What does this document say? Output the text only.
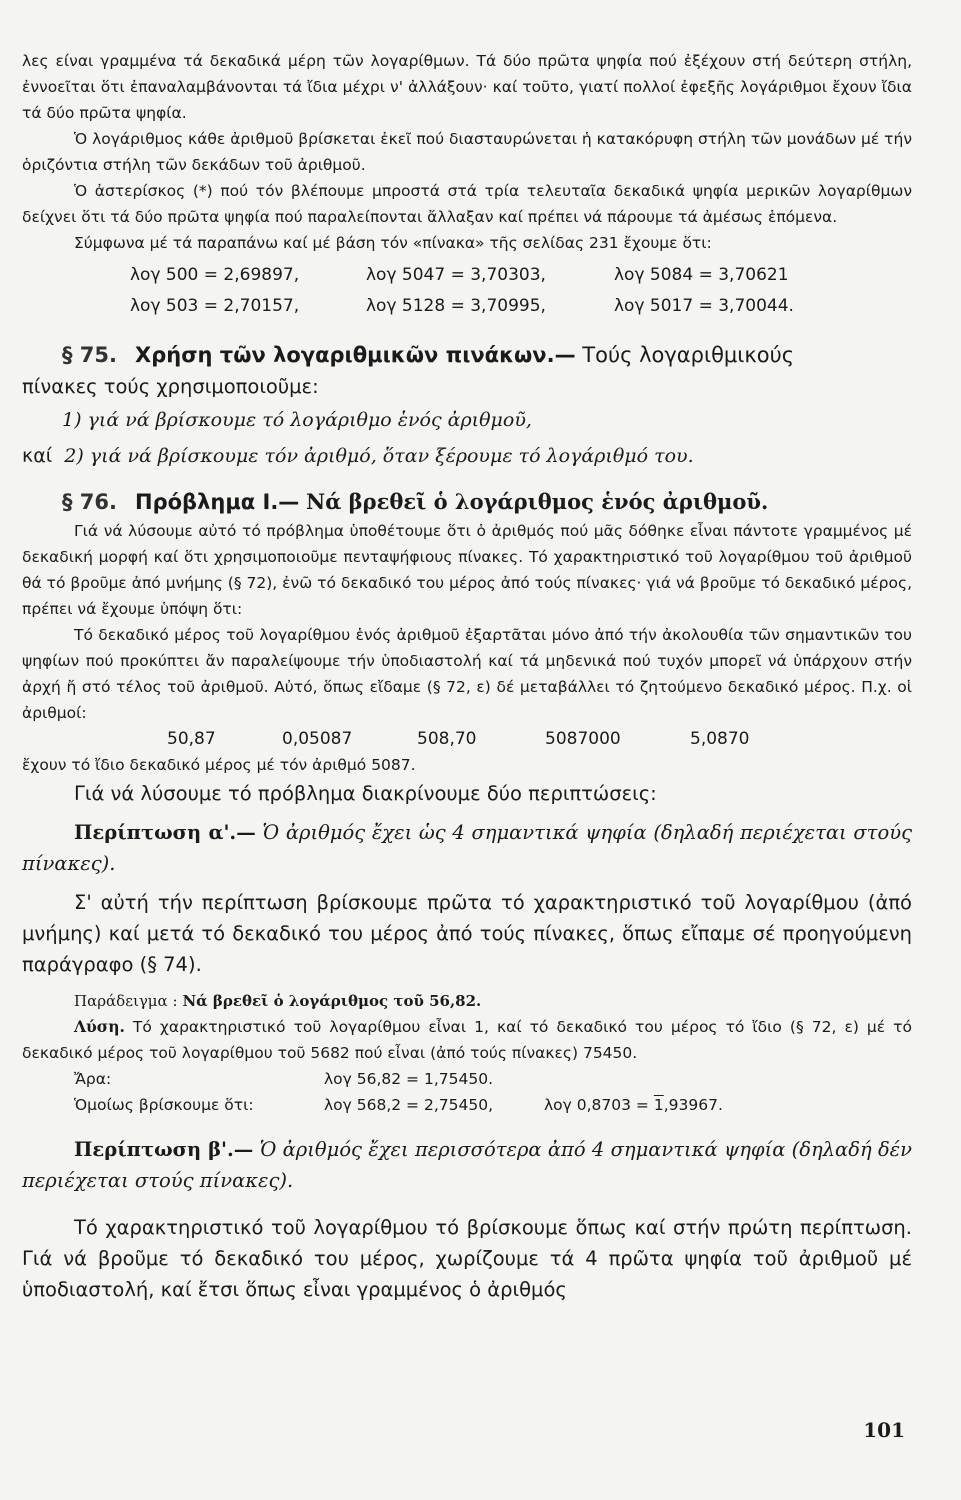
λες είναι γραμμένα τά δεκαδικά μέρη τῶν λογαρίθμων. Τά δύο πρῶτα ψηφία πού ἐξέχουν στή δεύτερη στήλη, ἐννοεῖται ὅτι ἐπαναλαμβάνονται τά ἴδια μέχρι ν' ἀλλάξουν· καί τοῦτο, γιατί πολλοί ἐφεξῆς λογάριθμοι ἔχουν ἴδια τά δύο πρῶτα ψηφία.

Ὁ λογάριθμος κάθε ἀριθμοῦ βρίσκεται ἐκεῖ πού διασταυρώνεται ἡ κατακόρυφη στήλη τῶν μονάδων μέ τήν ὁριζόντια στήλη τῶν δεκάδων τοῦ ἀριθμοῦ.

Ὁ ἀστερίσκος (*) πού τόν βλέπουμε μπροστά στά τρία τελευταῖα δεκαδικά ψηφία μερικῶν λογαρίθμων δείχνει ὅτι τά δύο πρῶτα ψηφία πού παραλείπονται ἄλλαξαν καί πρέπει νά πάρουμε τά ἀμέσως ἑπόμενα.

Σύμφωνα μέ τά παραπάνω καί μέ βάση τόν «πίνακα» τῆς σελίδας 231 ἔχουμε ὅτι:

λογ 500 = 2,69897,	λογ 5047 = 3,70303,	λογ 5084 = 3,70621
λογ 503 = 2,70157,	λογ 5128 = 3,70995,	λογ 5017 = 3,70044.
§ 75. Χρήση τῶν λογαριθμικῶν πινάκων.— Τούς λογαριθμικούς

πίνακες τούς χρησιμοποιοῦμε:

1) γιά νά βρίσκουμε τό λογάριθμο ἑνός ἀριθμοῦ,
καί 2) γιά νά βρίσκουμε τόν ἀριθμό, ὅταν ξέρουμε τό λογάριθμό του.
§ 76. Πρόβλημα Ι.— Νά βρεθεῖ ὁ λογάριθμος ἑνός ἀριθμοῦ.

Γιά νά λύσουμε αὐτό τό πρόβλημα ὑποθέτουμε ὅτι ὁ ἀριθμός πού μᾶς δόθηκε εἶναι πάντοτε γραμμένος μέ δεκαδική μορφή καί ὅτι χρησιμοποιοῦμε πενταψήφιους πίνακες. Τό χαρακτηριστικό τοῦ λογαρίθμου τοῦ ἀριθμοῦ θά τό βροῦμε ἀπό μνήμης (§ 72), ἐνῶ τό δεκαδικό του μέρος ἀπό τούς πίνακες· γιά νά βροῦμε τό δεκαδικό μέρος, πρέπει νά ἔχουμε ὑπόψη ὅτι:

Τό δεκαδικό μέρος τοῦ λογαρίθμου ἑνός ἀριθμοῦ ἐξαρτᾶται μόνο ἀπό τήν ἀκολουθία τῶν σημαντικῶν του ψηφίων πού προκύπτει ἄν παραλείψουμε τήν ὑποδιαστολή καί τά μηδενικά πού τυχόν μπορεῖ νά ὑπάρχουν στήν ἀρχή ἤ στό τέλος τοῦ ἀριθμοῦ. Αὐτό, ὅπως εἴδαμε (§ 72, ε) δέ μεταβάλλει τό ζητούμενο δεκαδικό μέρος. Π.χ. οἱ ἀριθμοί:

50,87	0,05087	508,70	5087000	5,0870

ἔχουν τό ἴδιο δεκαδικό μέρος μέ τόν ἀριθμό 5087.

Γιά νά λύσουμε τό πρόβλημα διακρίνουμε δύο περιπτώσεις:

Περίπτωση α'.— Ὁ ἀριθμός ἔχει ὡς 4 σημαντικά ψηφία (δηλαδή περιέχεται στούς πίνακες).

Σ' αὐτή τήν περίπτωση βρίσκουμε πρῶτα τό χαρακτηριστικό τοῦ λογαρίθμου (ἀπό μνήμης) καί μετά τό δεκαδικό του μέρος ἀπό τούς πίνακες, ὅπως εἴπαμε σέ προηγούμενη παράγραφο (§ 74).

Παράδειγμα : Νά βρεθεῖ ὁ λογάριθμος τοῦ 56,82.

Λύση. Τό χαρακτηριστικό τοῦ λογαρίθμου εἶναι 1, καί τό δεκαδικό του μέρος τό ἴδιο (§ 72, ε) μέ τό δεκαδικό μέρος τοῦ λογαρίθμου τοῦ 5682 πού εἶναι (ἀπό τούς πίνακες) 75450.

Ἄρα:	λογ 56,82 = 1,75450.
Ὁμοίως βρίσκουμε ὅτι:	λογ 568,2 = 2,75450,	λογ 0,8703 = 1,93967.

Περίπτωση β'.— Ὁ ἀριθμός ἔχει περισσότερα ἀπό 4 σημαντικά ψηφία (δηλαδή δέν περιέχεται στούς πίνακες).

Τό χαρακτηριστικό τοῦ λογαρίθμου τό βρίσκουμε ὅπως καί στήν πρώτη περίπτωση. Γιά νά βροῦμε τό δεκαδικό του μέρος, χωρίζουμε τά 4 πρῶτα ψηφία τοῦ ἀριθμοῦ μέ ὑποδιαστολή, καί ἔτσι ὅπως εἶναι γραμμένος ὁ ἀριθμός

101
